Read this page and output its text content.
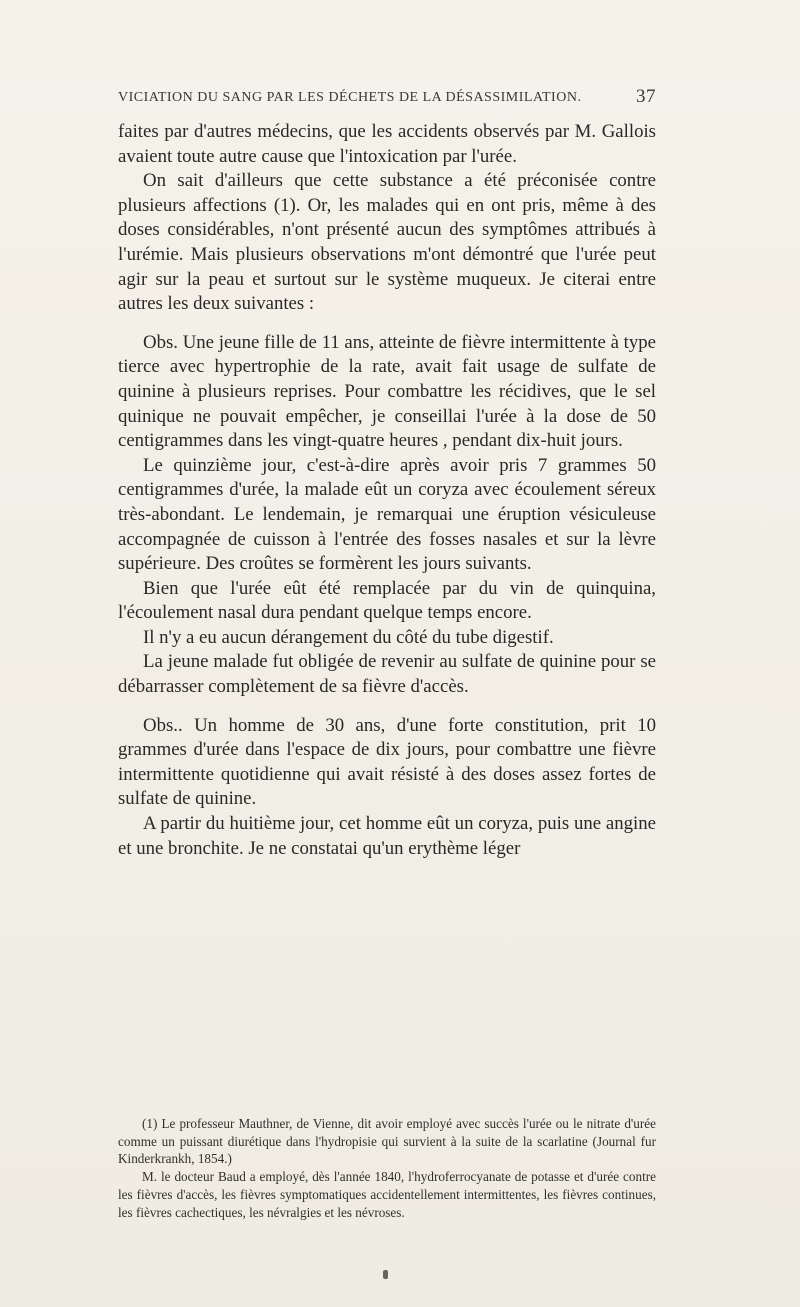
VICIATION DU SANG PAR LES DÉCHETS DE LA DÉSASSIMILATION.	37

faites par d'autres médecins, que les accidents observés par M. Gallois avaient toute autre cause que l'intoxication par l'urée.

On sait d'ailleurs que cette substance a été préconisée contre plusieurs affections (1). Or, les malades qui en ont pris, même à des doses considérables, n'ont présenté aucun des symptômes attribués à l'urémie. Mais plusieurs observations m'ont démontré que l'urée peut agir sur la peau et surtout sur le système muqueux. Je citerai entre autres les deux suivantes :

Obs. Une jeune fille de 11 ans, atteinte de fièvre intermittente à type tierce avec hypertrophie de la rate, avait fait usage de sulfate de quinine à plusieurs reprises. Pour combattre les récidives, que le sel quinique ne pouvait empêcher, je conseillai l'urée à la dose de 50 centigrammes dans les vingt-quatre heures , pendant dix-huit jours.

Le quinzième jour, c'est-à-dire après avoir pris 7 grammes 50 centigrammes d'urée, la malade eût un coryza avec écoulement séreux très-abondant. Le lendemain, je remarquai une éruption vésiculeuse accompagnée de cuisson à l'entrée des fosses nasales et sur la lèvre supérieure. Des croûtes se formèrent les jours suivants.

Bien que l'urée eût été remplacée par du vin de quinquina, l'écoulement nasal dura pendant quelque temps encore.

Il n'y a eu aucun dérangement du côté du tube digestif.

La jeune malade fut obligée de revenir au sulfate de quinine pour se débarrasser complètement de sa fièvre d'accès.

Obs.. Un homme de 30 ans, d'une forte constitution, prit 10 grammes d'urée dans l'espace de dix jours, pour combattre une fièvre intermittente quotidienne qui avait résisté à des doses assez fortes de sulfate de quinine.

A partir du huitième jour, cet homme eût un coryza, puis une angine et une bronchite. Je ne constatai qu'un erythème léger

(1) Le professeur Mauthner, de Vienne, dit avoir employé avec succès l'urée ou le nitrate d'urée comme un puissant diurétique dans l'hydropisie qui survient à la suite de la scarlatine (Journal fur Kinderkrankh, 1854.)

M. le docteur Baud a employé, dès l'année 1840, l'hydroferrocyanate de potasse et d'urée contre les fièvres d'accès, les fièvres symptomatiques accidentellement intermittentes, les fièvres continues, les fièvres cachectiques, les névralgies et les névroses.
